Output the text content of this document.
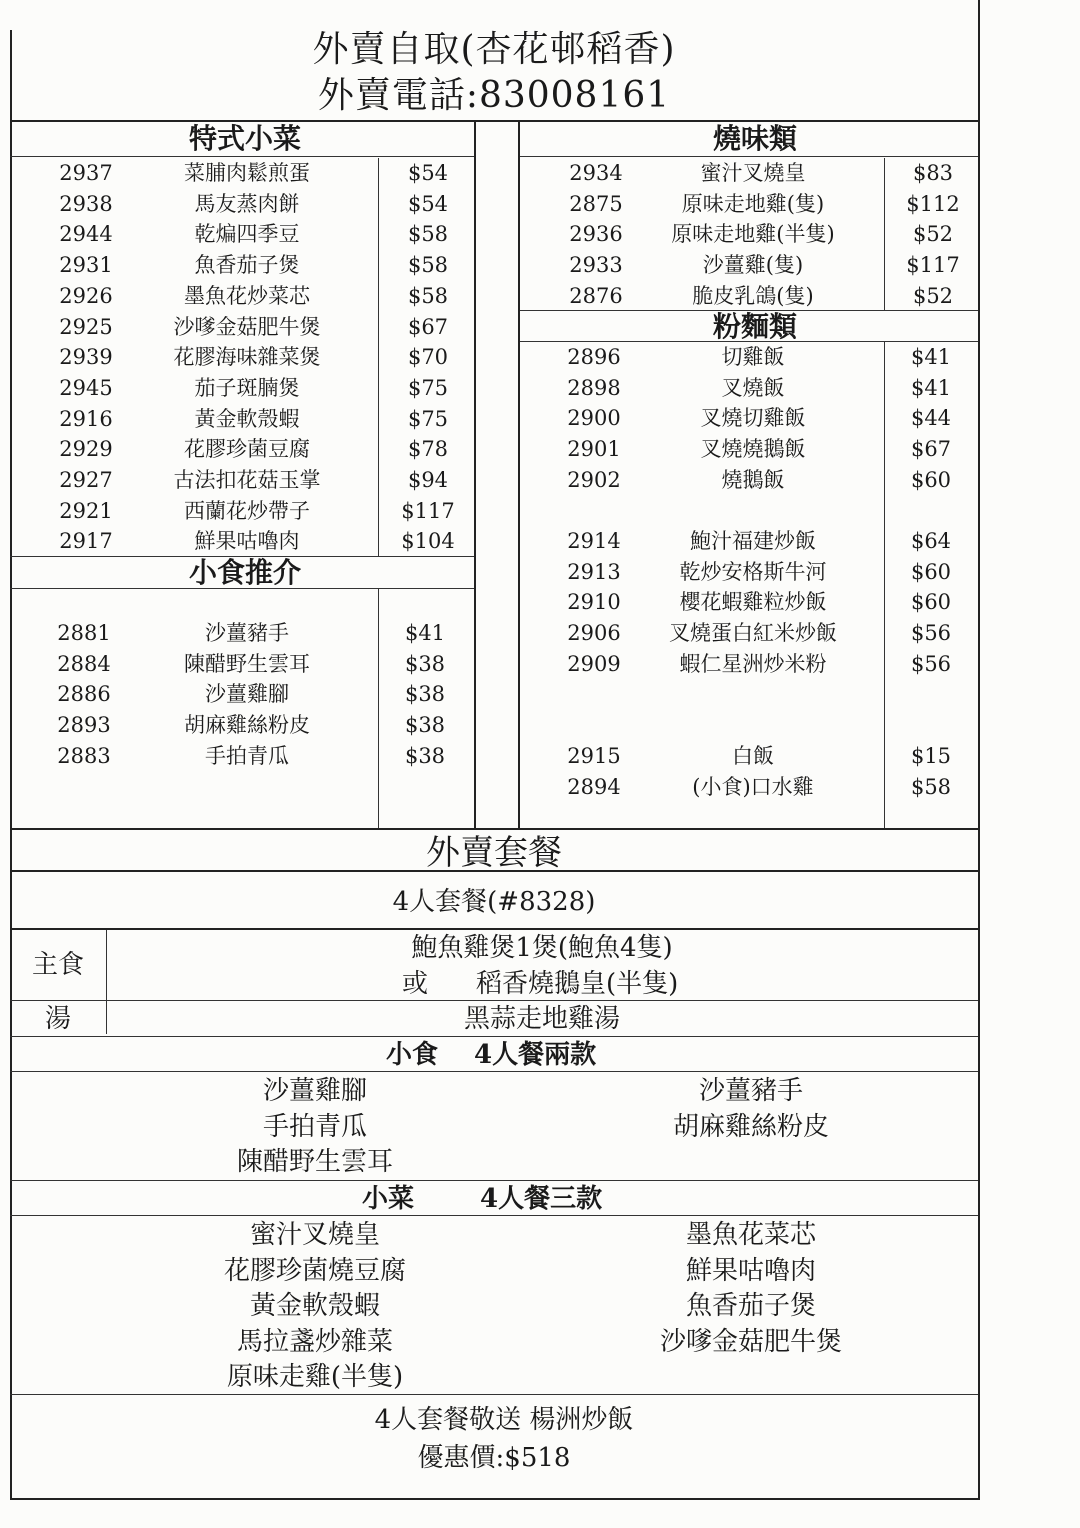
外賣自取(杏花邨稻香)
外賣電話:83008161
特式小菜
2937	菜脯肉鬆煎蛋	$54
2938	馬友蒸肉餅	$54
2944	乾煸四季豆	$58
2931	魚香茄子煲	$58
2926	墨魚花炒菜芯	$58
2925	沙嗲金菇肥牛煲	$67
2939	花膠海味雜菜煲	$70
2945	茄子斑腩煲	$75
2916	黃金軟殼蝦	$75
2929	花膠珍菌豆腐	$78
2927	古法扣花菇玉掌	$94
2921	西蘭花炒帶子	$117
2917	鮮果咕嚕肉	$104
小食推介
2881	沙薑豬手	$41
2884	陳醋野生雲耳	$38
2886	沙薑雞腳	$38
2893	胡麻雞絲粉皮	$38
2883	手拍青瓜	$38
燒味類
2934	蜜汁叉燒皇	$83
2875	原味走地雞(隻)	$112
2936	原味走地雞(半隻)	$52
2933	沙薑雞(隻)	$117
2876	脆皮乳鴿(隻)	$52
粉麵類
2896	切雞飯	$41
2898	叉燒飯	$41
2900	叉燒切雞飯	$44
2901	叉燒燒鵝飯	$67
2902	燒鵝飯	$60
2914	鮑汁福建炒飯	$64
2913	乾炒安格斯牛河	$60
2910	櫻花蝦雞粒炒飯	$60
2906	叉燒蛋白紅米炒飯	$56
2909	蝦仁星洲炒米粉	$56
2915	白飯	$15
2894	(小食)口水雞	$58
外賣套餐
4人套餐(#8328)
主食
鮑魚雞煲1煲(鮑魚4隻)
或 稻香燒鵝皇(半隻)
湯	黑蒜走地雞湯
小食 4人餐兩款
沙薑雞腳
手拍青瓜
陳醋野生雲耳
沙薑豬手
胡麻雞絲粉皮
小菜	4人餐三款
蜜汁叉燒皇
花膠珍菌燒豆腐
黃金軟殼蝦
馬拉盞炒雜菜
原味走雞(半隻)
墨魚花菜芯
鮮果咕嚕肉
魚香茄子煲
沙嗲金菇肥牛煲
4人套餐敬送 楊洲炒飯
優惠價:$518
